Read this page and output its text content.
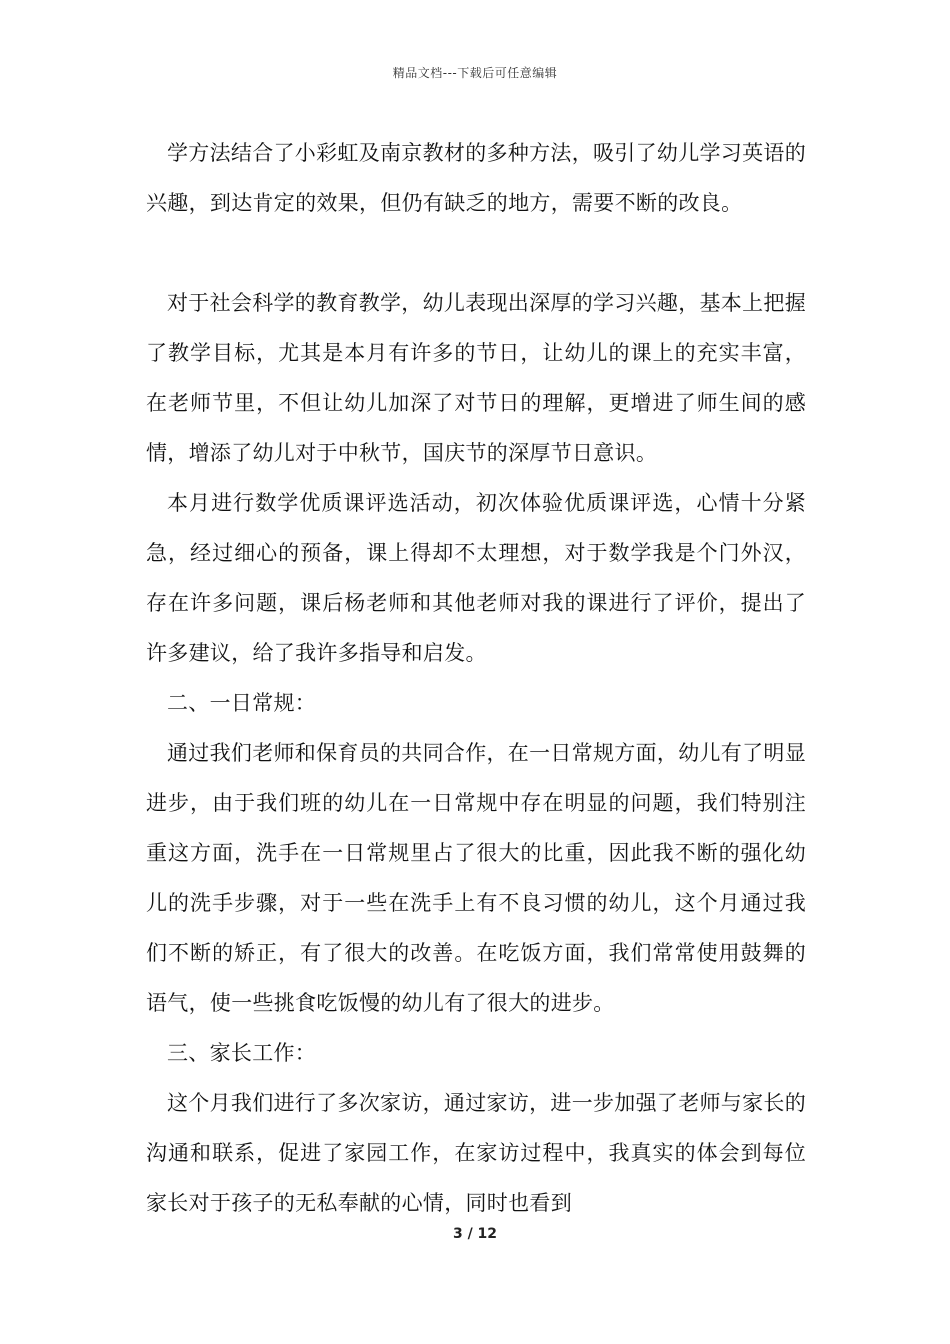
精品文档---下载后可任意编辑

学方法结合了小彩虹及南京教材的多种方法，吸引了幼儿学习英语的兴趣，到达肯定的效果，但仍有缺乏的地方，需要不断的改良。

对于社会科学的教育教学，幼儿表现出深厚的学习兴趣，基本上把握了教学目标，尤其是本月有许多的节日，让幼儿的课上的充实丰富，在老师节里，不但让幼儿加深了对节日的理解，更增进了师生间的感情，增添了幼儿对于中秋节，国庆节的深厚节日意识。

本月进行数学优质课评选活动，初次体验优质课评选，心情十分紧急，经过细心的预备，课上得却不太理想，对于数学我是个门外汉，存在许多问题，课后杨老师和其他老师对我的课进行了评价，提出了许多建议，给了我许多指导和启发。

二、一日常规：

通过我们老师和保育员的共同合作，在一日常规方面，幼儿有了明显进步，由于我们班的幼儿在一日常规中存在明显的问题，我们特别注重这方面，洗手在一日常规里占了很大的比重，因此我不断的强化幼儿的洗手步骤，对于一些在洗手上有不良习惯的幼儿，这个月通过我们不断的矫正，有了很大的改善。在吃饭方面，我们常常使用鼓舞的语气，使一些挑食吃饭慢的幼儿有了很大的进步。

三、家长工作：

这个月我们进行了多次家访，通过家访，进一步加强了老师与家长的沟通和联系，促进了家园工作，在家访过程中，我真实的体会到每位家长对于孩子的无私奉献的心情，同时也看到

3 / 12
